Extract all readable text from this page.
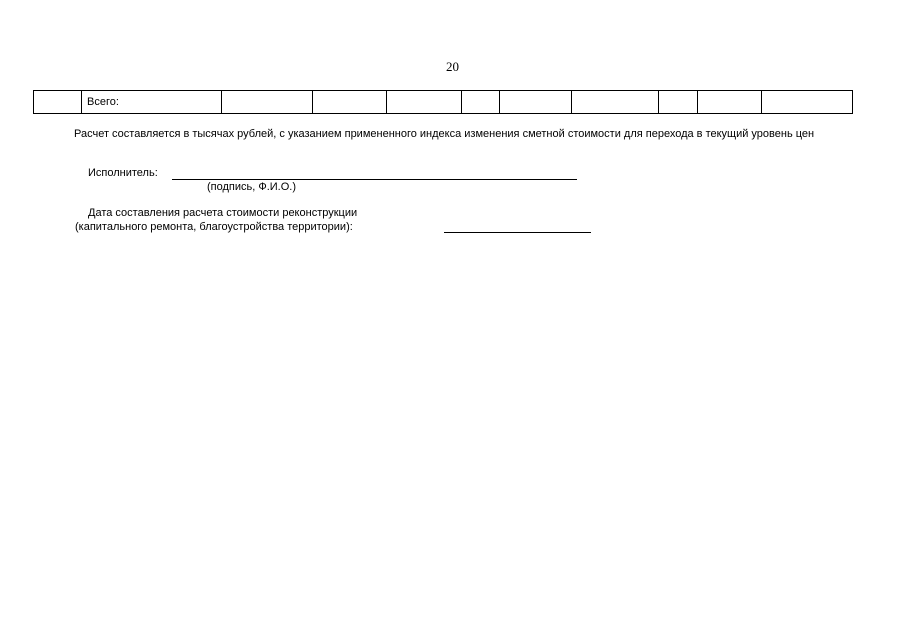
20
	Всего:									
Расчет составляется в тысячах рублей, с указанием примененного индекса изменения сметной стоимости для перехода в текущий уровень цен
Исполнитель:
(подпись, Ф.И.О.)
Дата составления расчета стоимости реконструкции
(капитального ремонта, благоустройства территории):
